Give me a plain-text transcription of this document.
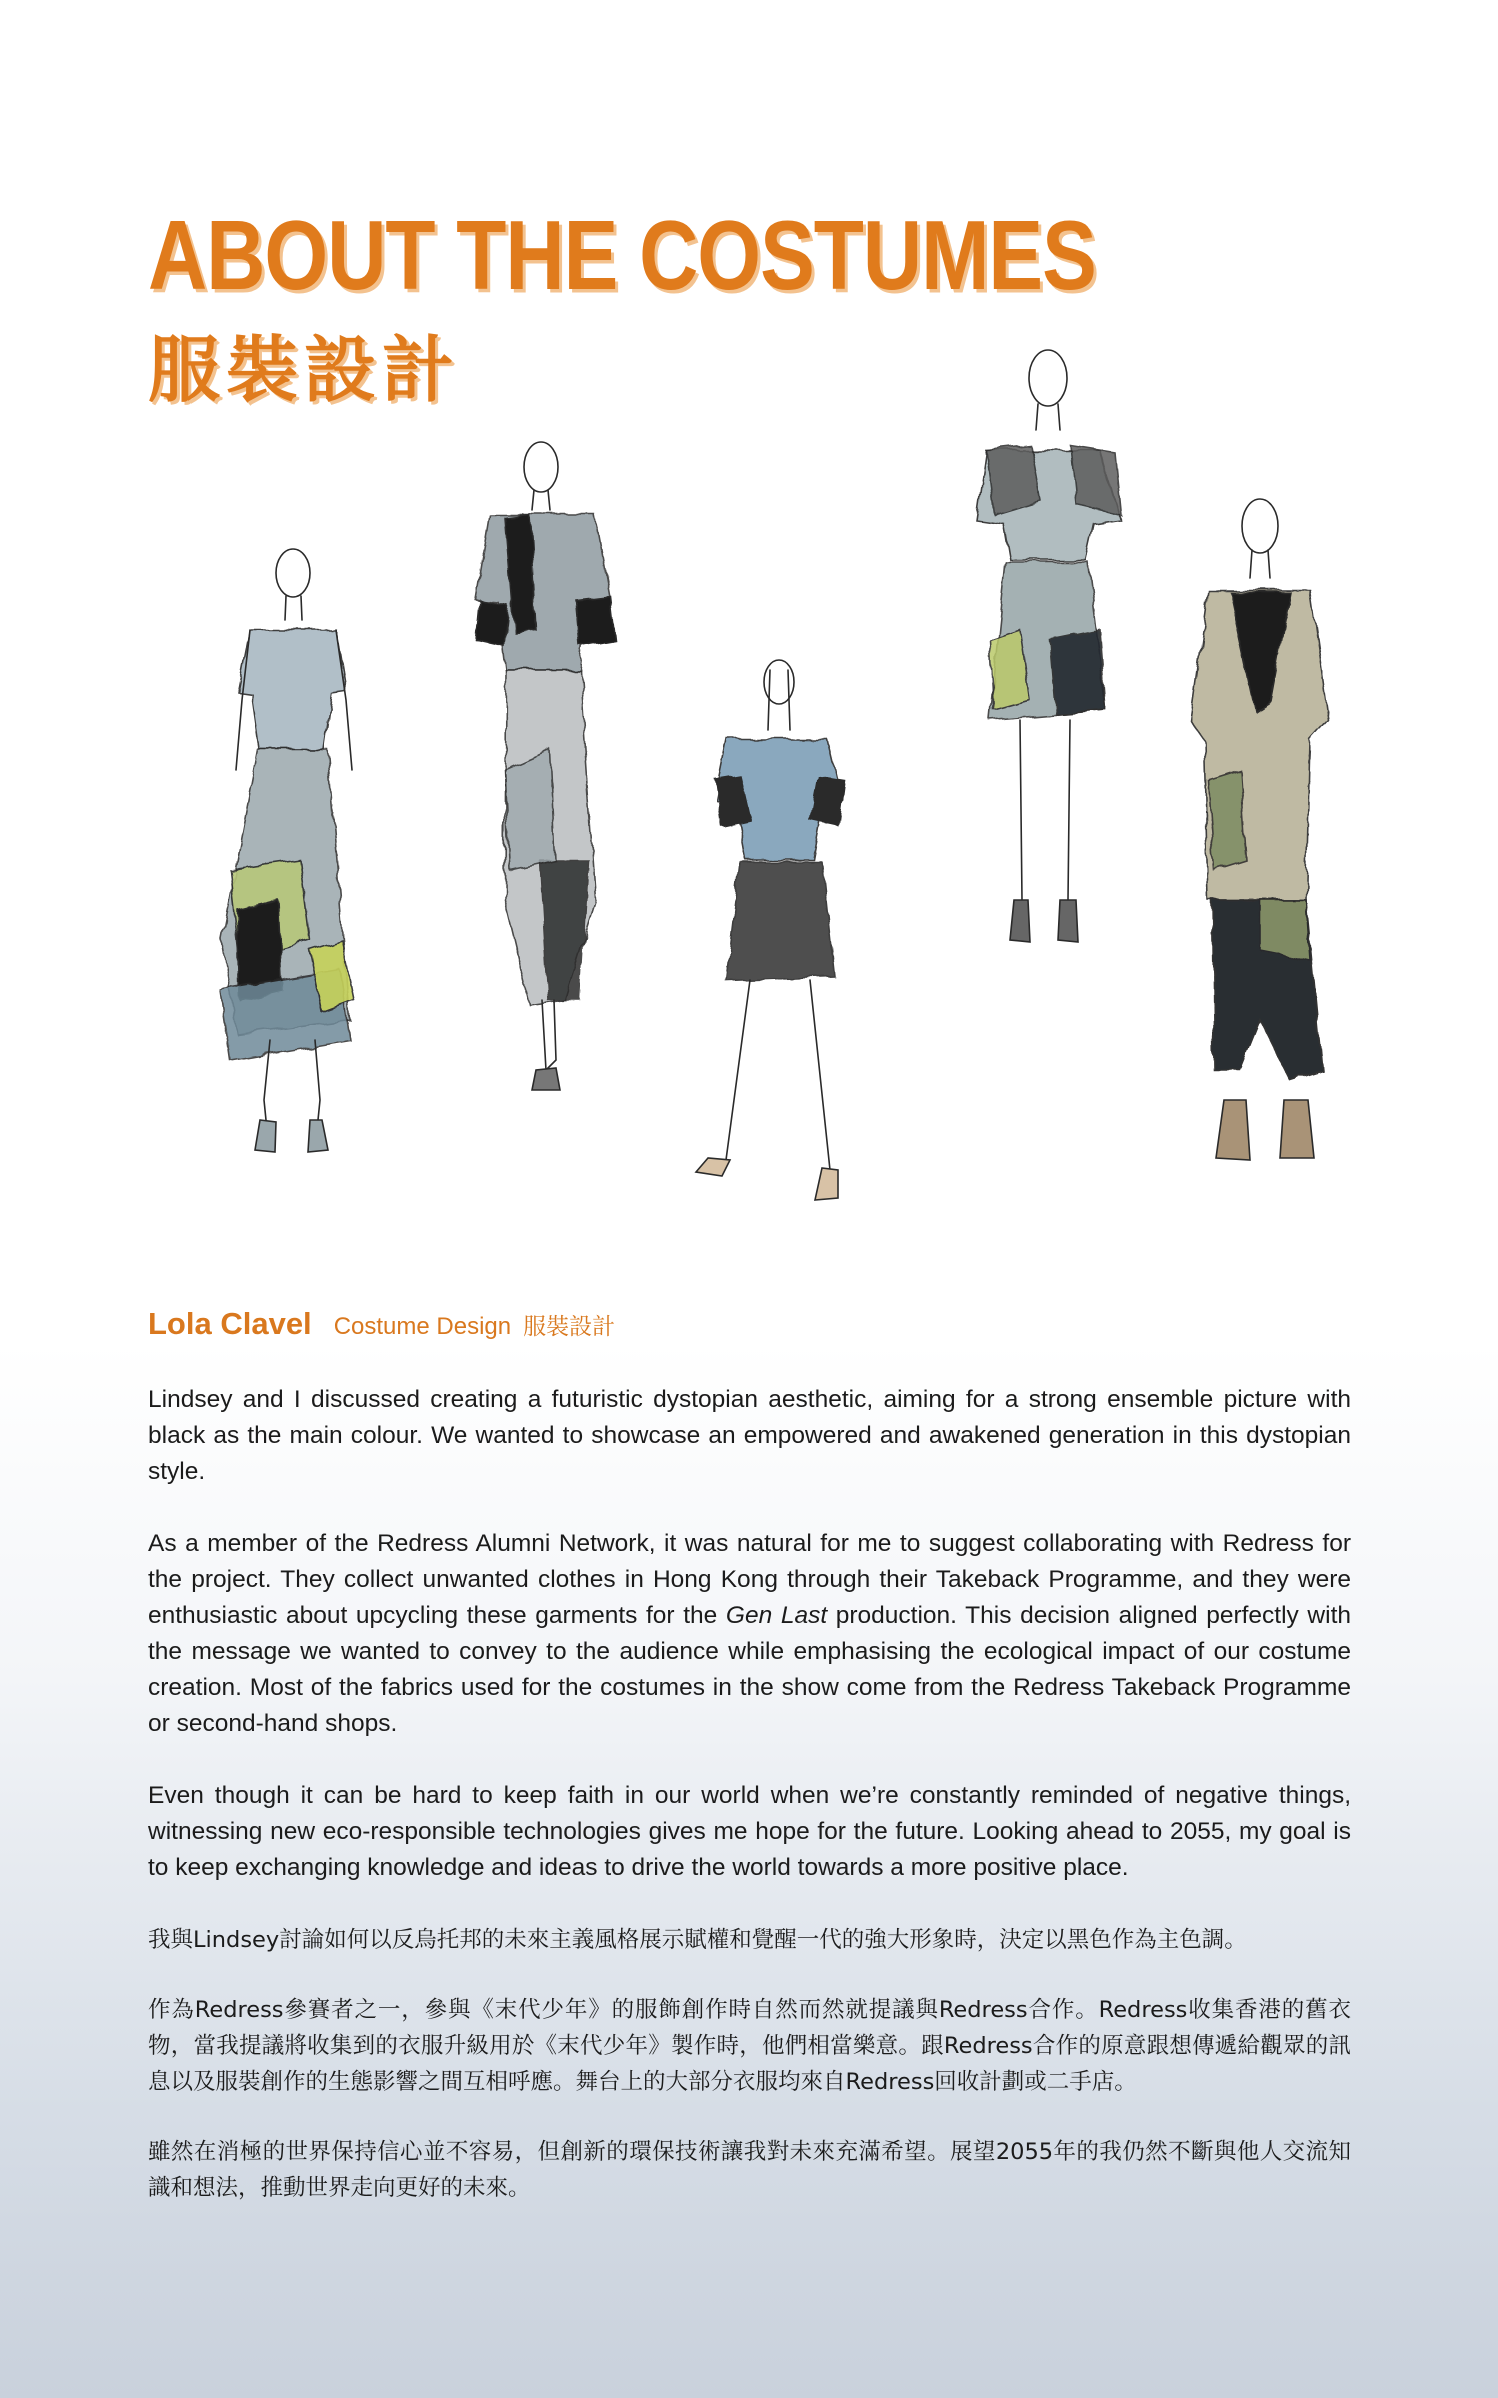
ABOUT THE COSTUMES
服裝設計
Lola Clavel Costume Design 服裝設計

Lindsey and I discussed creating a futuristic dystopian aesthetic, aiming for a strong ensemble picture with black as the main colour. We wanted to showcase an empowered and awakened generation in this dystopian style.

As a member of the Redress Alumni Network, it was natural for me to suggest collaborating with Redress for the project. They collect unwanted clothes in Hong Kong through their Takeback Programme, and they were enthusiastic about upcycling these garments for the Gen Last production. This decision aligned perfectly with the message we wanted to convey to the audience while emphasising the ecological impact of our costume creation. Most of the fabrics used for the costumes in the show come from the Redress Takeback Programme or second-hand shops.

Even though it can be hard to keep faith in our world when we’re constantly reminded of negative things, witnessing new eco-responsible technologies gives me hope for the future. Looking ahead to 2055, my goal is to keep exchanging knowledge and ideas to drive the world towards a more positive place.

我與Lindsey討論如何以反烏托邦的未來主義風格展示賦權和覺醒一代的強大形象時，決定以黑色作為主色調。

作為Redress參賽者之一，參與《末代少年》的服飾創作時自然而然就提議與Redress合作。Redress收集香港的舊衣物，當我提議將收集到的衣服升級用於《末代少年》製作時，他們相當樂意。跟Redress合作的原意跟想傳遞給觀眾的訊息以及服裝創作的生態影響之間互相呼應。舞台上的大部分衣服均來自Redress回收計劃或二手店。

雖然在消極的世界保持信心並不容易，但創新的環保技術讓我對未來充滿希望。展望2055年的我仍然不斷與他人交流知識和想法，推動世界走向更好的未來。
